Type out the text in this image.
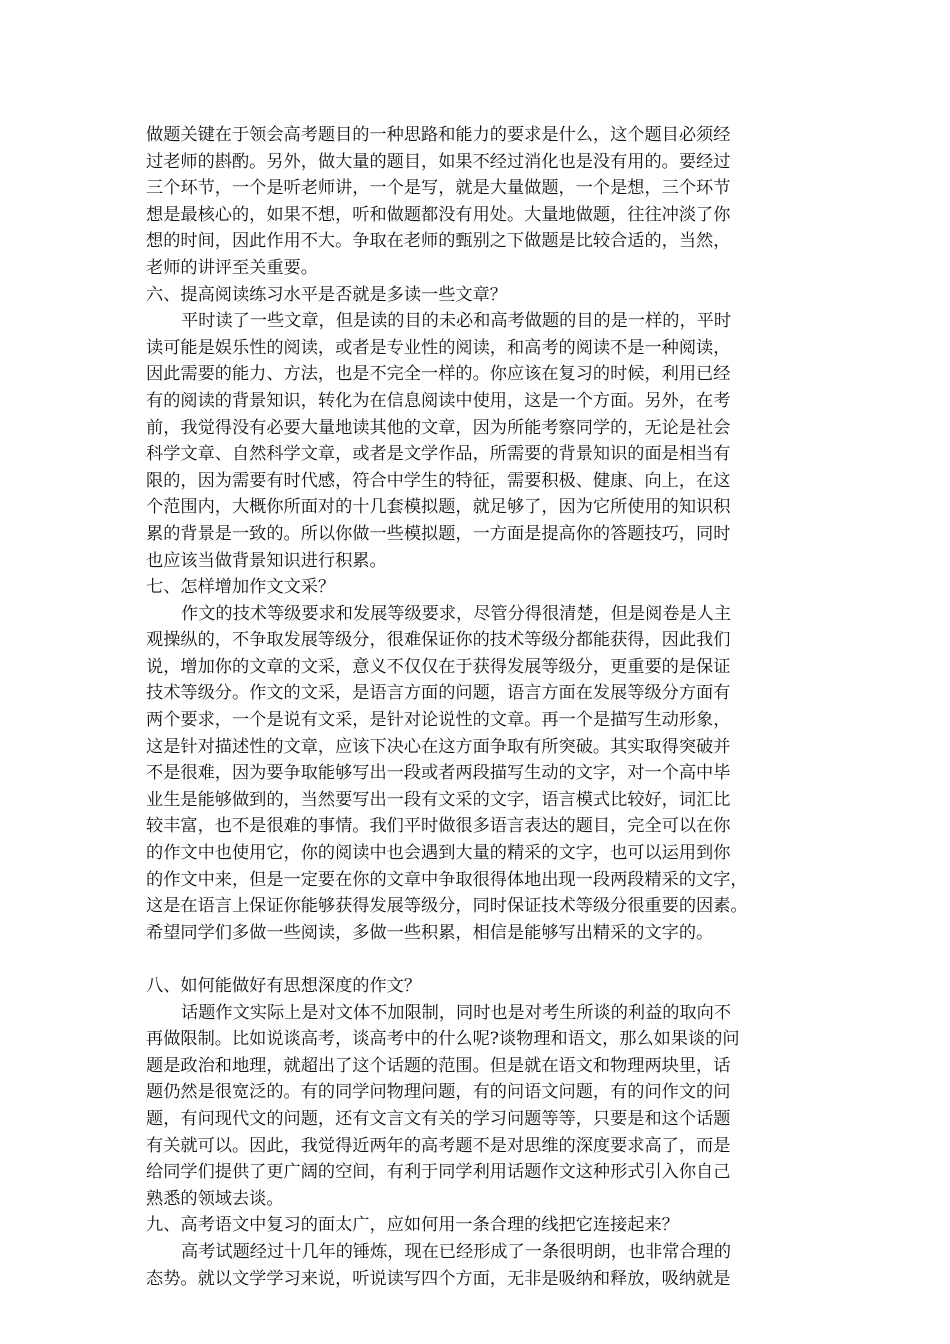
做题关键在于领会高考题目的一种思路和能力的要求是什么，这个题目必须经

过老师的斟酌。另外，做大量的题目，如果不经过消化也是没有用的。要经过

三个环节，一个是听老师讲，一个是写，就是大量做题，一个是想，三个环节

想是最核心的，如果不想，听和做题都没有用处。大量地做题，往往冲淡了你

想的时间，因此作用不大。争取在老师的甄别之下做题是比较合适的，当然，

老师的讲评至关重要。

六、提高阅读练习水平是否就是多读一些文章？

平时读了一些文章，但是读的目的未必和高考做题的目的是一样的，平时

读可能是娱乐性的阅读，或者是专业性的阅读，和高考的阅读不是一种阅读，

因此需要的能力、方法，也是不完全一样的。你应该在复习的时候，利用已经

有的阅读的背景知识，转化为在信息阅读中使用，这是一个方面。另外，在考

前，我觉得没有必要大量地读其他的文章，因为所能考察同学的，无论是社会

科学文章、自然科学文章，或者是文学作品，所需要的背景知识的面是相当有

限的，因为需要有时代感，符合中学生的特征，需要积极、健康、向上，在这

个范围内，大概你所面对的十几套模拟题，就足够了，因为它所使用的知识积

累的背景是一致的。所以你做一些模拟题，一方面是提高你的答题技巧，同时

也应该当做背景知识进行积累。

七、怎样增加作文文采？

作文的技术等级要求和发展等级要求，尽管分得很清楚，但是阅卷是人主

观操纵的，不争取发展等级分，很难保证你的技术等级分都能获得，因此我们

说，增加你的文章的文采，意义不仅仅在于获得发展等级分，更重要的是保证

技术等级分。作文的文采，是语言方面的问题，语言方面在发展等级分方面有

两个要求，一个是说有文采，是针对论说性的文章。再一个是描写生动形象，

这是针对描述性的文章，应该下决心在这方面争取有所突破。其实取得突破并

不是很难，因为要争取能够写出一段或者两段描写生动的文字，对一个高中毕

业生是能够做到的，当然要写出一段有文采的文字，语言模式比较好，词汇比

较丰富，也不是很难的事情。我们平时做很多语言表达的题目，完全可以在你

的作文中也使用它，你的阅读中也会遇到大量的精采的文字，也可以运用到你

的作文中来，但是一定要在你的文章中争取很得体地出现一段两段精采的文字，

这是在语言上保证你能够获得发展等级分，同时保证技术等级分很重要的因素。

希望同学们多做一些阅读，多做一些积累，相信是能够写出精采的文字的。

八、如何能做好有思想深度的作文？

话题作文实际上是对文体不加限制，同时也是对考生所谈的利益的取向不

再做限制。比如说谈高考，谈高考中的什么呢?谈物理和语文，那么如果谈的问

题是政治和地理，就超出了这个话题的范围。但是就在语文和物理两块里，话

题仍然是很宽泛的。有的同学问物理问题，有的问语文问题，有的问作文的问

题，有问现代文的问题，还有文言文有关的学习问题等等，只要是和这个话题

有关就可以。因此，我觉得近两年的高考题不是对思维的深度要求高了，而是

给同学们提供了更广阔的空间，有利于同学利用话题作文这种形式引入你自己

熟悉的领域去谈。

九、高考语文中复习的面太广，应如何用一条合理的线把它连接起来？

高考试题经过十几年的锤炼，现在已经形成了一条很明朗，也非常合理的

态势。就以文学学习来说，听说读写四个方面，无非是吸纳和释放，吸纳就是
